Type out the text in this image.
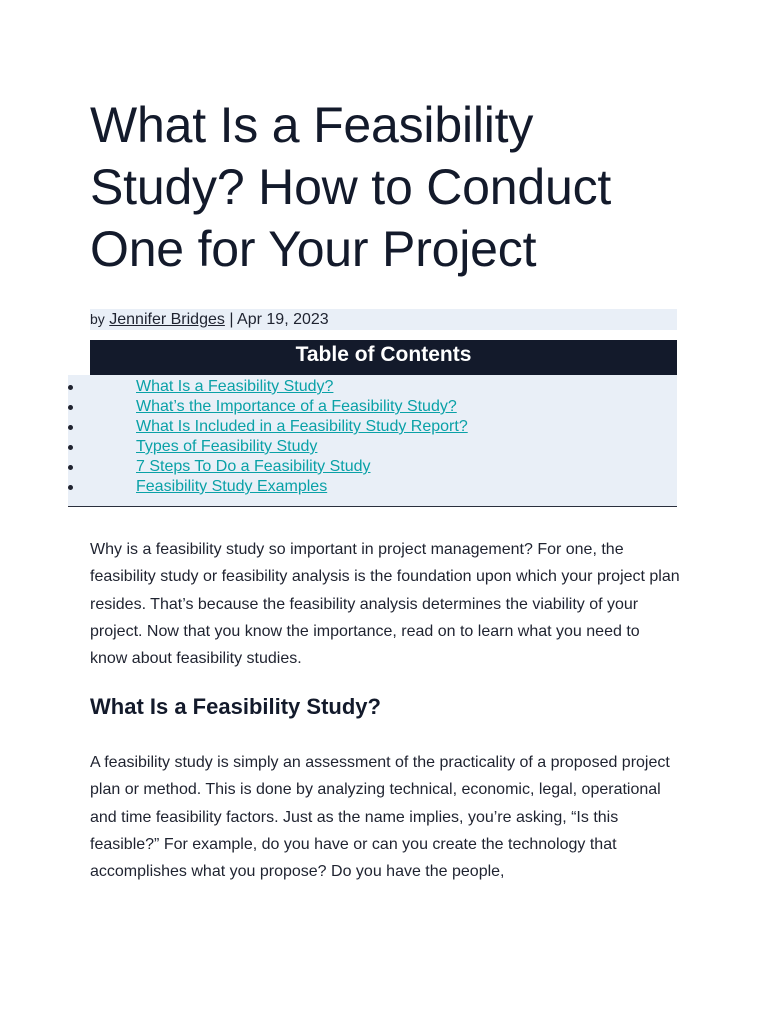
What Is a Feasibility Study? How to Conduct One for Your Project
by Jennifer Bridges | Apr 19, 2023
Table of Contents
What Is a Feasibility Study?
What’s the Importance of a Feasibility Study?
What Is Included in a Feasibility Study Report?
Types of Feasibility Study
7 Steps To Do a Feasibility Study
Feasibility Study Examples

Why is a feasibility study so important in project management? For one, the feasibility study or feasibility analysis is the foundation upon which your project plan resides. That’s because the feasibility analysis determines the viability of your project. Now that you know the importance, read on to learn what you need to know about feasibility studies.

What Is a Feasibility Study?

A feasibility study is simply an assessment of the practicality of a proposed project plan or method. This is done by analyzing technical, economic, legal, operational and time feasibility factors. Just as the name implies, you’re asking, “Is this feasible?” For example, do you have or can you create the technology that accomplishes what you propose? Do you have the people,
